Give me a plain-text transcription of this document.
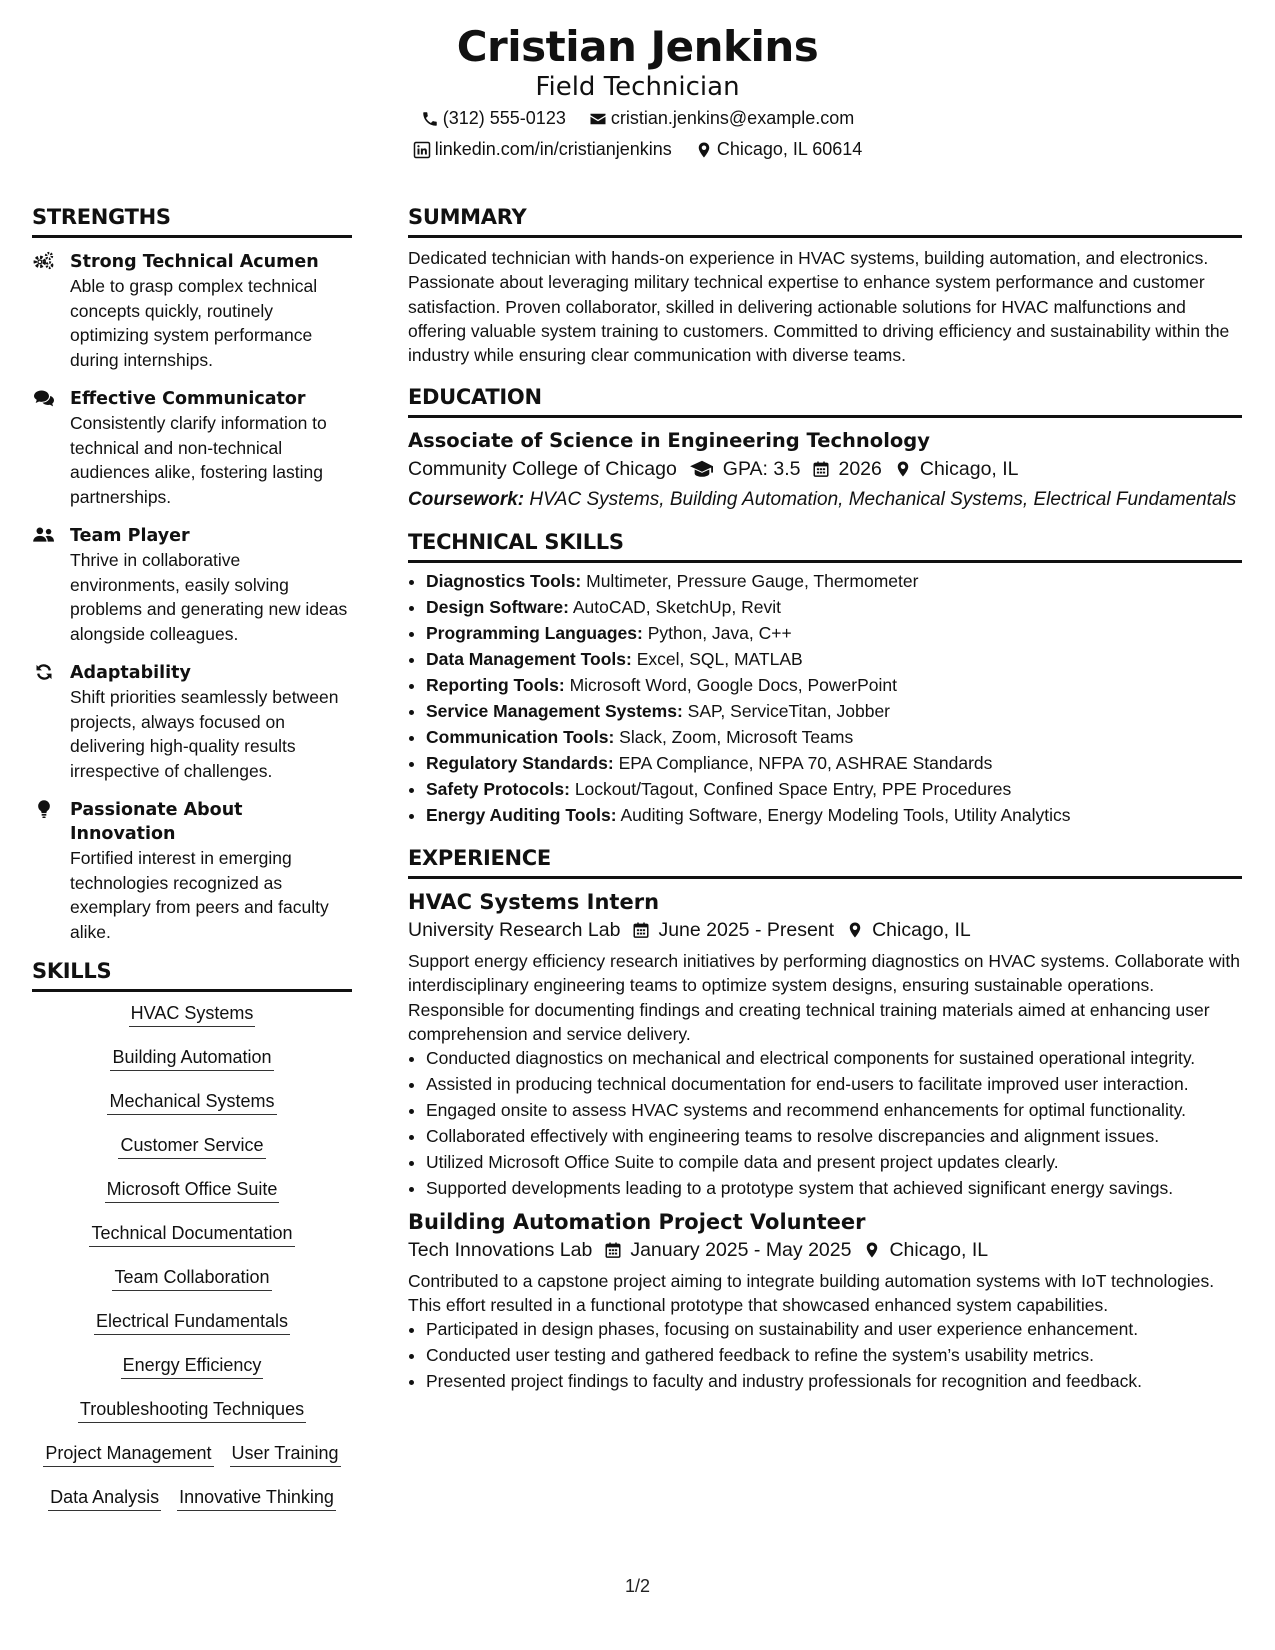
Cristian Jenkins
Field Technician
(312) 555-0123
	cristian.jenkins@example.com
linkedin.com/in/cristianjenkins
	Chicago, IL 60614
STRENGTHS
Strong Technical Acumen
Able to grasp complex technical concepts quickly, routinely optimizing system performance during internships.
Effective Communicator
Consistently clarify information to technical and non-technical audiences alike, fostering lasting partnerships.
Team Player
Thrive in collaborative environments, easily solving problems and generating new ideas alongside colleagues.
Adaptability
Shift priorities seamlessly between projects, always focused on delivering high-quality results irrespective of challenges.
Passionate About Innovation
Fortified interest in emerging technologies recognized as exemplary from peers and faculty alike.
SKILLS
HVAC Systems
Building Automation
Mechanical Systems
Customer Service
Microsoft Office Suite
Technical Documentation
Team Collaboration
Electrical Fundamentals
Energy Efficiency
Troubleshooting Techniques
Project Management User Training
Data Analysis Innovative Thinking
SUMMARY

Dedicated technician with hands-on experience in HVAC systems, building automation, and electronics. Passionate about leveraging military technical expertise to enhance system performance and customer satisfaction. Proven collaborator, skilled in delivering actionable solutions for HVAC malfunctions and offering valuable system training to customers. Committed to driving efficiency and sustainability within the industry while ensuring clear communication with diverse teams.

EDUCATION
Associate of Science in Engineering Technology
Community College of Chicago GPA: 3.5 2026 Chicago, IL
Coursework: HVAC Systems, Building Automation, Mechanical Systems, Electrical Fundamentals
TECHNICAL SKILLS
• Diagnostics Tools: Multimeter, Pressure Gauge, Thermometer
• Design Software: AutoCAD, SketchUp, Revit
• Programming Languages: Python, Java, C++
• Data Management Tools: Excel, SQL, MATLAB
• Reporting Tools: Microsoft Word, Google Docs, PowerPoint
• Service Management Systems: SAP, ServiceTitan, Jobber
• Communication Tools: Slack, Zoom, Microsoft Teams
• Regulatory Standards: EPA Compliance, NFPA 70, ASHRAE Standards
• Safety Protocols: Lockout/Tagout, Confined Space Entry, PPE Procedures
• Energy Auditing Tools: Auditing Software, Energy Modeling Tools, Utility Analytics
EXPERIENCE
HVAC Systems Intern
University Research Lab June 2025 - Present Chicago, IL

Support energy efficiency research initiatives by performing diagnostics on HVAC systems. Collaborate with interdisciplinary engineering teams to optimize system designs, ensuring sustainable operations. Responsible for documenting findings and creating technical training materials aimed at enhancing user comprehension and service delivery.

• Conducted diagnostics on mechanical and electrical components for sustained operational integrity.
• Assisted in producing technical documentation for end-users to facilitate improved user interaction.
• Engaged onsite to assess HVAC systems and recommend enhancements for optimal functionality.
• Collaborated effectively with engineering teams to resolve discrepancies and alignment issues.
• Utilized Microsoft Office Suite to compile data and present project updates clearly.
• Supported developments leading to a prototype system that achieved significant energy savings.
Building Automation Project Volunteer
Tech Innovations Lab January 2025 - May 2025 Chicago, IL

Contributed to a capstone project aiming to integrate building automation systems with IoT technologies. This effort resulted in a functional prototype that showcased enhanced system capabilities.

• Participated in design phases, focusing on sustainability and user experience enhancement.
• Conducted user testing and gathered feedback to refine the system’s usability metrics.
• Presented project findings to faculty and industry professionals for recognition and feedback.
1/2
